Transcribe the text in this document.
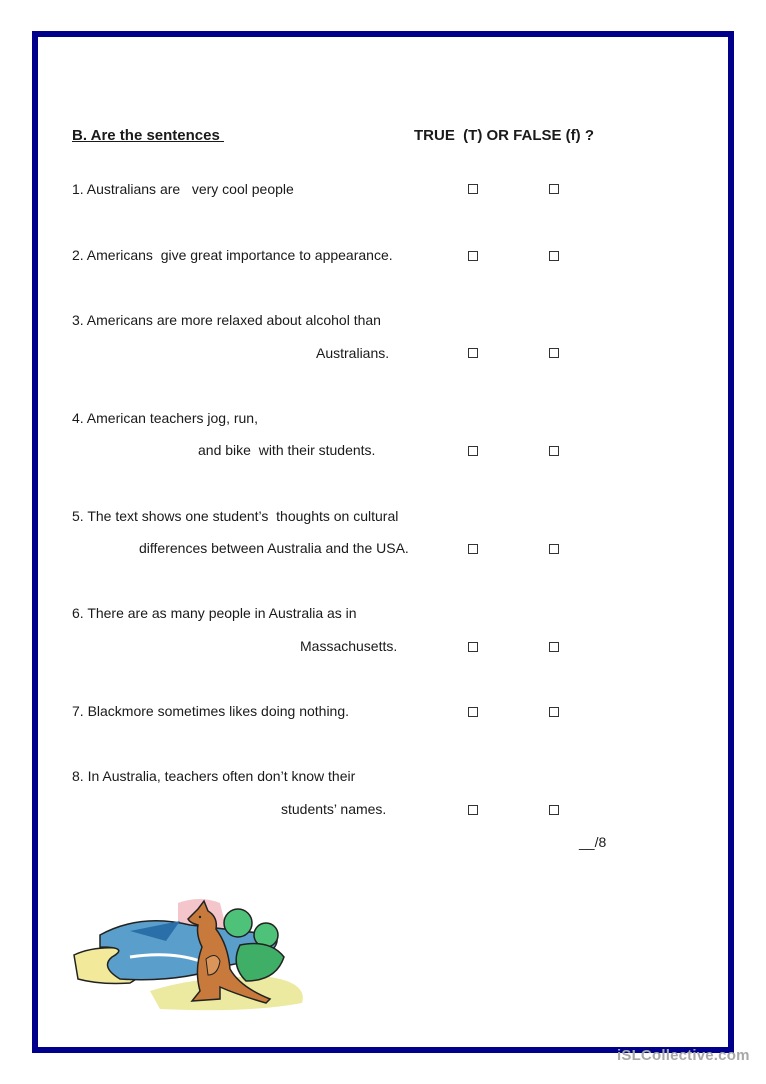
B. Are the sentences	TRUE  (T) OR FALSE (f) ?
1. Australians are   very cool people
2. Americans  give great importance to appearance.
3. Americans are more relaxed about alcohol than
Australians.
4. American teachers jog, run,
and bike  with their students.
5. The text shows one student’s  thoughts on cultural
differences between Australia and the USA.
6. There are as many people in Australia as in
Massachusetts.
7. Blackmore sometimes likes doing nothing.
8. In Australia, teachers often don’t know their
students’ names.
__/8
iSLCollective.com
